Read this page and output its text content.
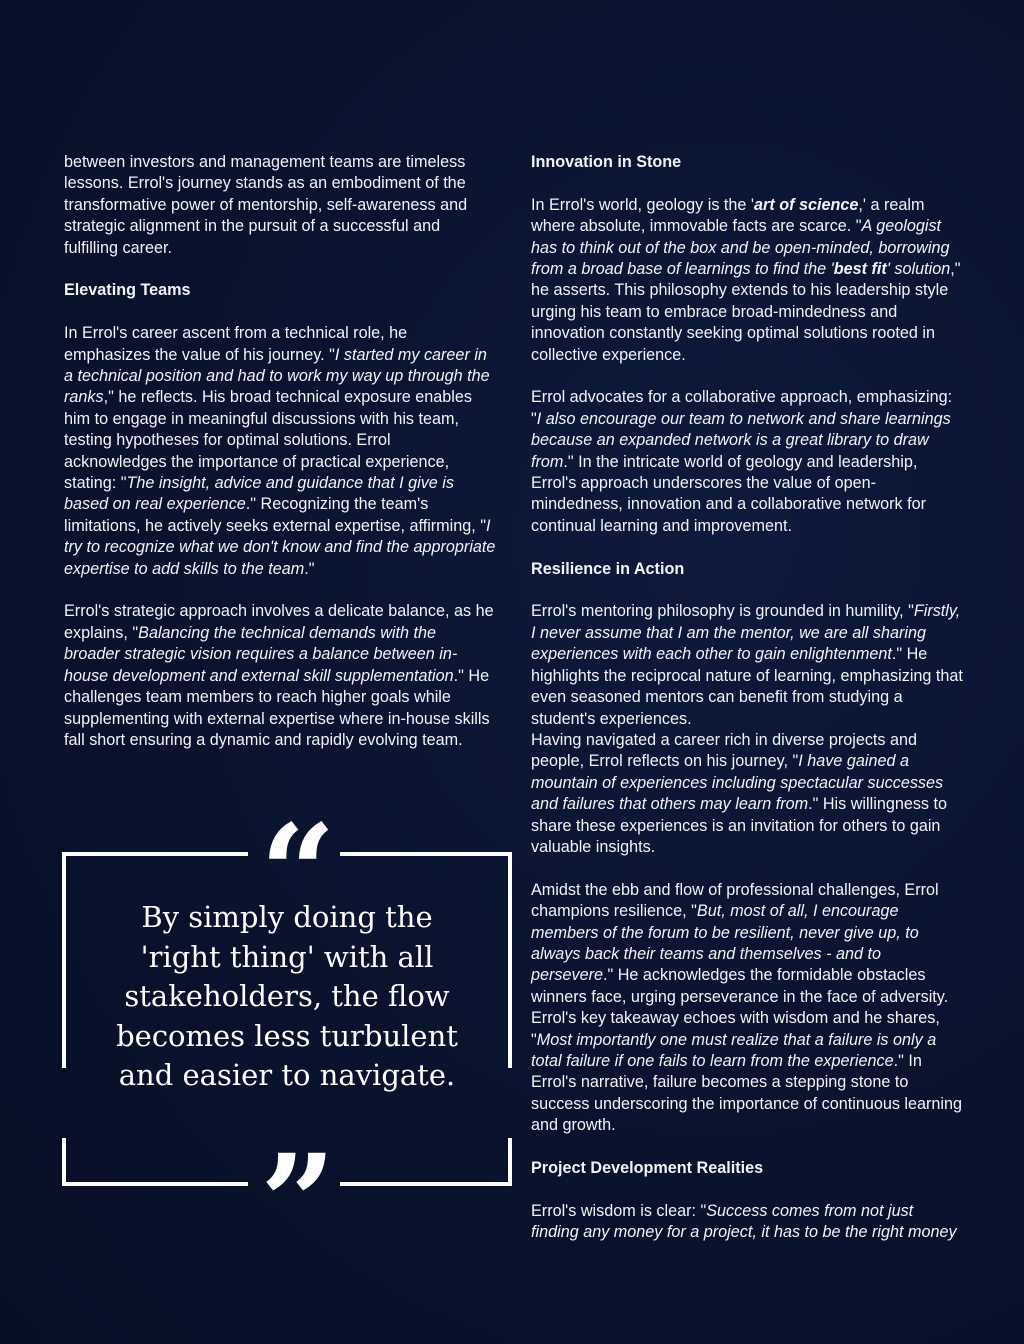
between investors and management teams are timeless lessons. Errol's journey stands as an embodiment of the transformative power of mentorship, self-awareness and strategic alignment in the pursuit of a successful and fulfilling career.

Elevating Teams

In Errol's career ascent from a technical role, he emphasizes the value of his journey. "I started my career in a technical position and had to work my way up through the ranks," he reflects. His broad technical exposure enables him to engage in meaningful discussions with his team, testing hypotheses for optimal solutions. Errol acknowledges the importance of practical experience, stating: "The insight, advice and guidance that I give is based on real experience." Recognizing the team's limitations, he actively seeks external expertise, affirming, "I try to recognize what we don't know and find the appropriate expertise to add skills to the team."

Errol's strategic approach involves a delicate balance, as he explains, "Balancing the technical demands with the broader strategic vision requires a balance between in-house development and external skill supplementation." He challenges team members to reach higher goals while supplementing with external expertise where in-house skills fall short ensuring a dynamic and rapidly evolving team.

“
By simply doing the 'right thing' with all stakeholders, the flow becomes less turbulent and easier to navigate.
”
Innovation in Stone

In Errol's world, geology is the 'art of science,' a realm where absolute, immovable facts are scarce. "A geologist has to think out of the box and be open-minded, borrowing from a broad base of learnings to find the 'best fit' solution," he asserts. This philosophy extends to his leadership style urging his team to embrace broad-mindedness and innovation constantly seeking optimal solutions rooted in collective experience.

Errol advocates for a collaborative approach, emphasizing: "I also encourage our team to network and share learnings because an expanded network is a great library to draw from." In the intricate world of geology and leadership, Errol's approach underscores the value of open-mindedness, innovation and a collaborative network for continual learning and improvement.

Resilience in Action

Errol's mentoring philosophy is grounded in humility, "Firstly, I never assume that I am the mentor, we are all sharing experiences with each other to gain enlightenment." He highlights the reciprocal nature of learning, emphasizing that even seasoned mentors can benefit from studying a student's experiences.

Having navigated a career rich in diverse projects and people, Errol reflects on his journey, "I have gained a mountain of experiences including spectacular successes and failures that others may learn from." His willingness to share these experiences is an invitation for others to gain valuable insights.

Amidst the ebb and flow of professional challenges, Errol champions resilience, "But, most of all, I encourage members of the forum to be resilient, never give up, to always back their teams and themselves - and to persevere." He acknowledges the formidable obstacles winners face, urging perseverance in the face of adversity. Errol's key takeaway echoes with wisdom and he shares, "Most importantly one must realize that a failure is only a total failure if one fails to learn from the experience." In Errol's narrative, failure becomes a stepping stone to success underscoring the importance of continuous learning and growth.

Project Development Realities

Errol's wisdom is clear: "Success comes from not just finding any money for a project, it has to be the right money
